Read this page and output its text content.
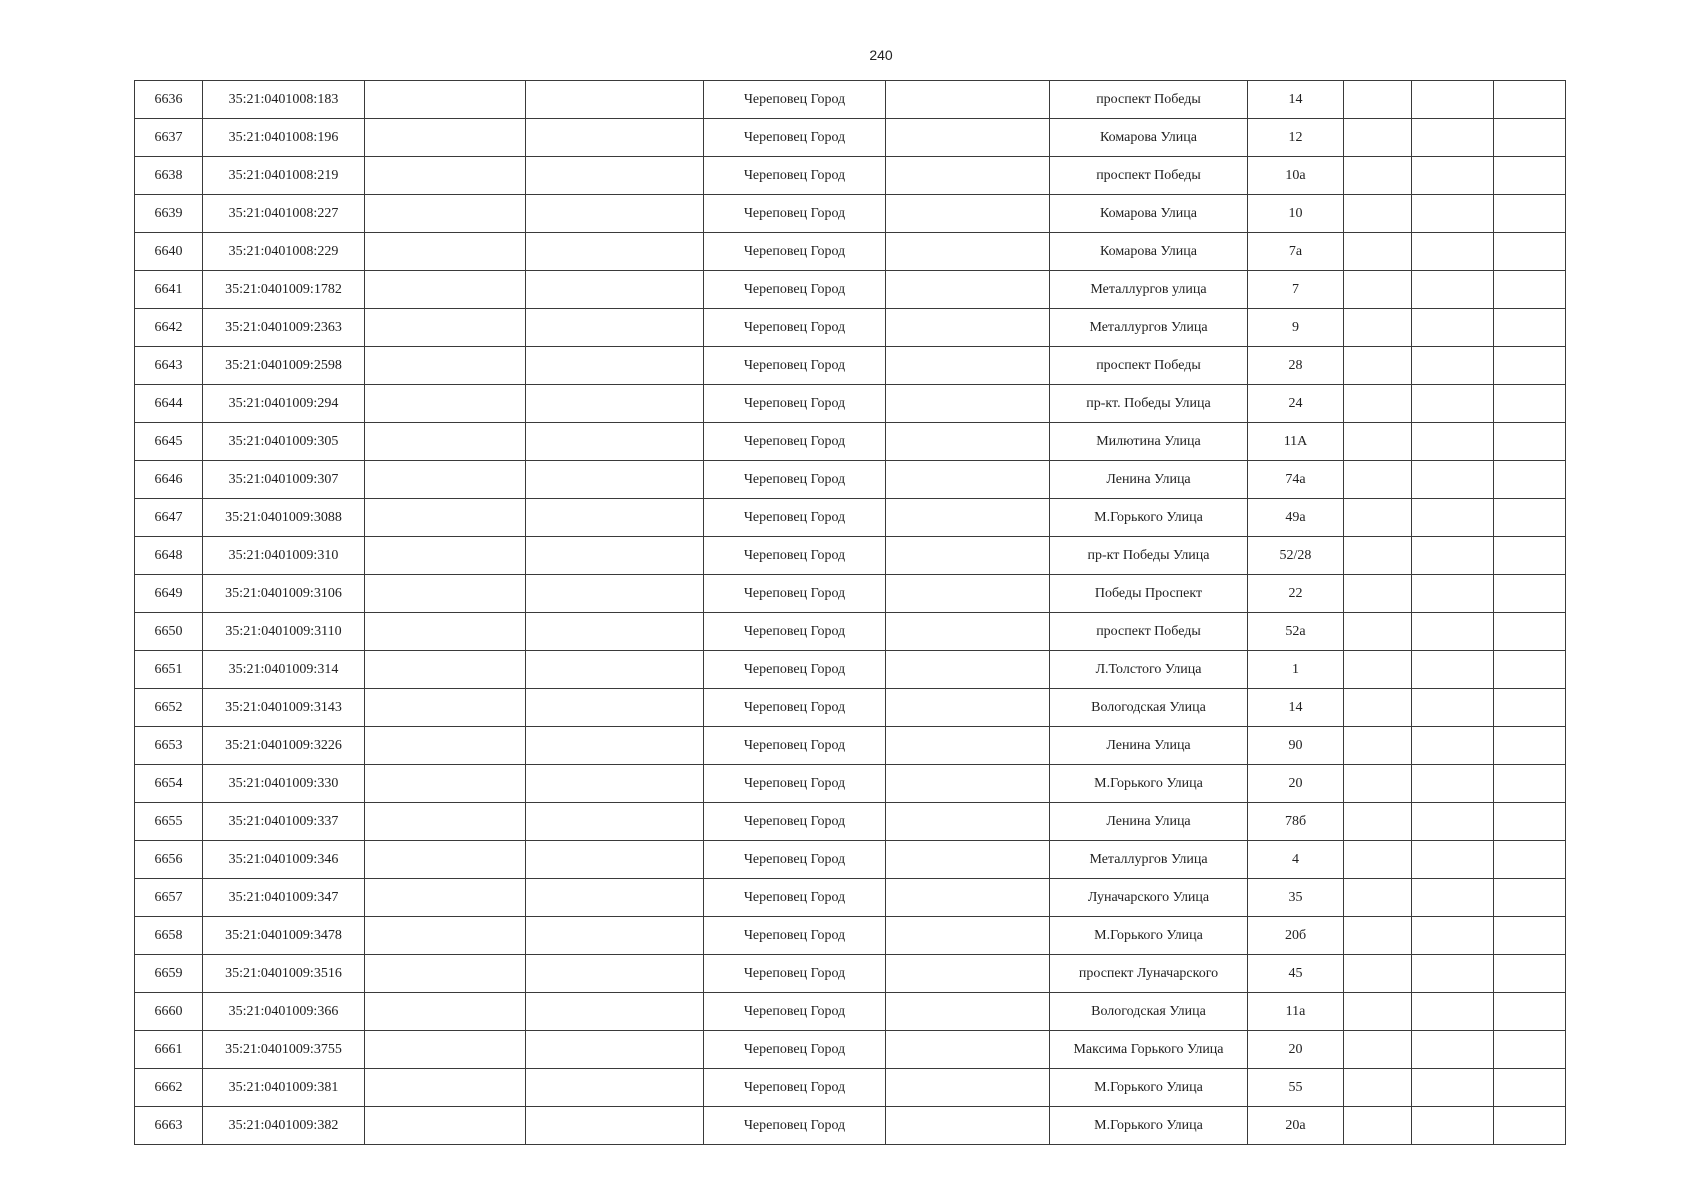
240
6636	35:21:0401008:183			Череповец Город		проспект Победы	14			
6637	35:21:0401008:196			Череповец Город		Комарова Улица	12			
6638	35:21:0401008:219			Череповец Город		проспект Победы	10а			
6639	35:21:0401008:227			Череповец Город		Комарова Улица	10			
6640	35:21:0401008:229			Череповец Город		Комарова Улица	7а			
6641	35:21:0401009:1782			Череповец Город		Металлургов улица	7			
6642	35:21:0401009:2363			Череповец Город		Металлургов Улица	9			
6643	35:21:0401009:2598			Череповец Город		проспект Победы	28			
6644	35:21:0401009:294			Череповец Город		пр-кт. Победы Улица	24			
6645	35:21:0401009:305			Череповец Город		Милютина Улица	11А			
6646	35:21:0401009:307			Череповец Город		Ленина Улица	74а			
6647	35:21:0401009:3088			Череповец Город		М.Горького Улица	49а			
6648	35:21:0401009:310			Череповец Город		пр-кт Победы Улица	52/28			
6649	35:21:0401009:3106			Череповец Город		Победы Проспект	22			
6650	35:21:0401009:3110			Череповец Город		проспект Победы	52а			
6651	35:21:0401009:314			Череповец Город		Л.Толстого Улица	1			
6652	35:21:0401009:3143			Череповец Город		Вологодская Улица	14			
6653	35:21:0401009:3226			Череповец Город		Ленина Улица	90			
6654	35:21:0401009:330			Череповец Город		М.Горького Улица	20			
6655	35:21:0401009:337			Череповец Город		Ленина Улица	78б			
6656	35:21:0401009:346			Череповец Город		Металлургов Улица	4			
6657	35:21:0401009:347			Череповец Город		Луначарского Улица	35			
6658	35:21:0401009:3478			Череповец Город		М.Горького Улица	20б			
6659	35:21:0401009:3516			Череповец Город		проспект Луначарского	45			
6660	35:21:0401009:366			Череповец Город		Вологодская Улица	11а			
6661	35:21:0401009:3755			Череповец Город		Максима Горького Улица	20			
6662	35:21:0401009:381			Череповец Город		М.Горького Улица	55			
6663	35:21:0401009:382			Череповец Город		М.Горького Улица	20а			
